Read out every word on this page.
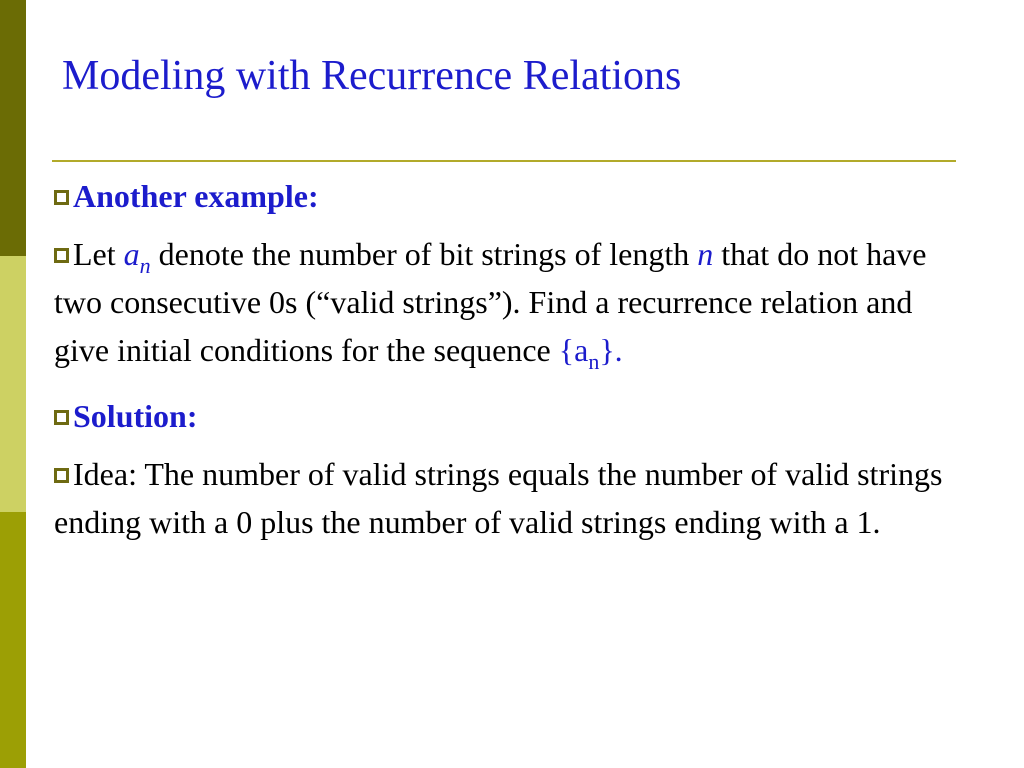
Modeling with Recurrence Relations

Another example:

Let $a_n$ denote the number of bit strings of length n that do not have two consecutive 0s (“valid strings”). Find a recurrence relation and give initial conditions for the sequence $\{a_n\}$.

Solution:

Idea: The number of valid strings equals the number of valid strings ending with a 0 plus the number of valid strings ending with a 1.
